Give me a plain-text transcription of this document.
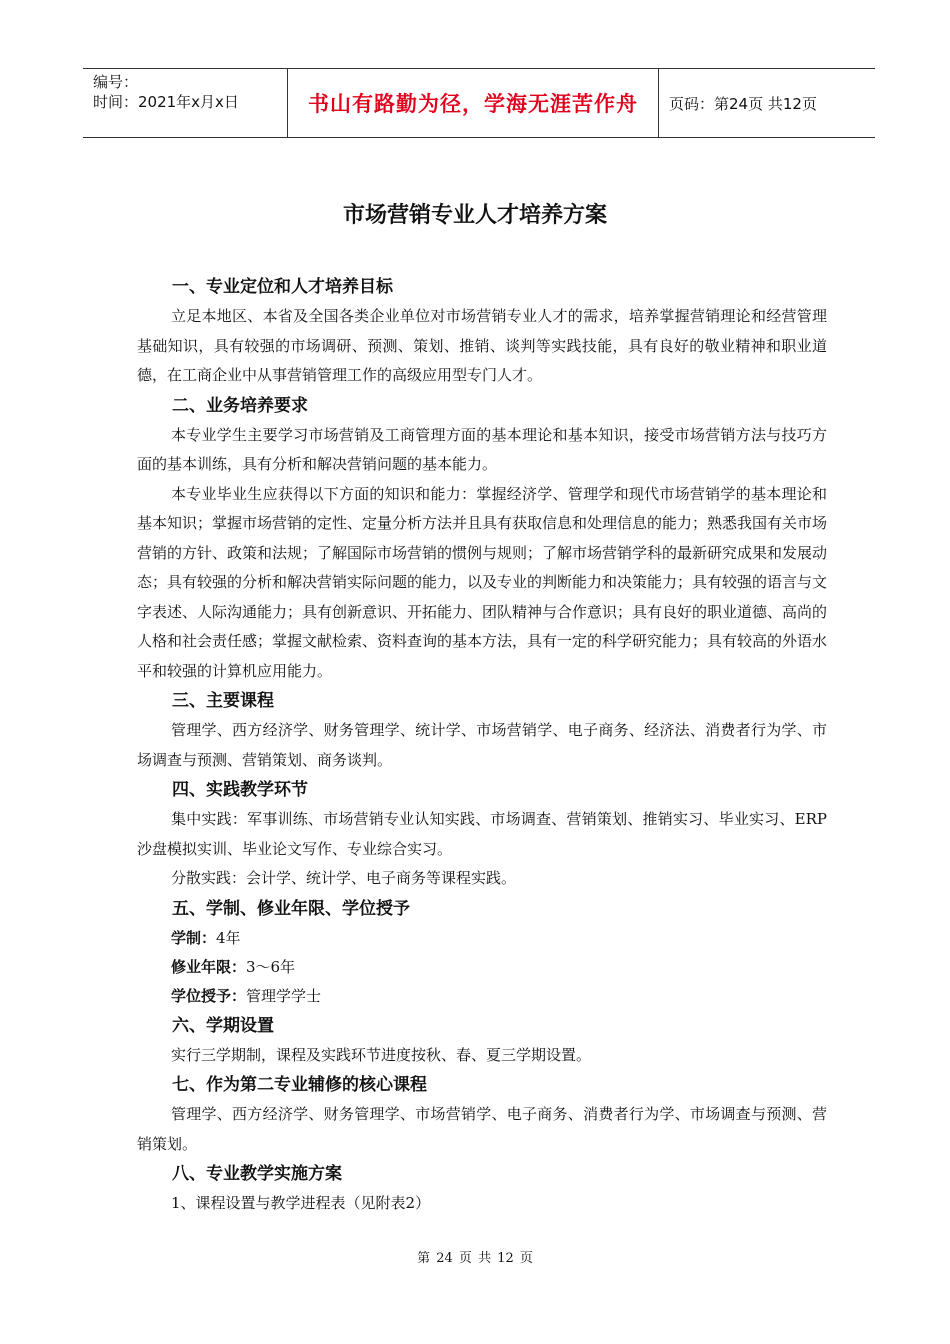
编号：
时间：2021年x月x日	书山有路勤为径，学海无涯苦作舟	页码：第24页 共12页
市场营销专业人才培养方案
一、专业定位和人才培养目标

立足本地区、本省及全国各类企业单位对市场营销专业人才的需求，培养掌握营销理论和经营管理基础知识，具有较强的市场调研、预测、策划、推销、谈判等实践技能，具有良好的敬业精神和职业道德，在工商企业中从事营销管理工作的高级应用型专门人才。

二、业务培养要求

本专业学生主要学习市场营销及工商管理方面的基本理论和基本知识，接受市场营销方法与技巧方面的基本训练，具有分析和解决营销问题的基本能力。

本专业毕业生应获得以下方面的知识和能力：掌握经济学、管理学和现代市场营销学的基本理论和基本知识；掌握市场营销的定性、定量分析方法并且具有获取信息和处理信息的能力；熟悉我国有关市场营销的方针、政策和法规；了解国际市场营销的惯例与规则；了解市场营销学科的最新研究成果和发展动态；具有较强的分析和解决营销实际问题的能力，以及专业的判断能力和决策能力；具有较强的语言与文字表述、人际沟通能力；具有创新意识、开拓能力、团队精神与合作意识；具有良好的职业道德、高尚的人格和社会责任感；掌握文献检索、资料查询的基本方法，具有一定的科学研究能力；具有较高的外语水平和较强的计算机应用能力。

三、主要课程

管理学、西方经济学、财务管理学、统计学、市场营销学、电子商务、经济法、消费者行为学、市场调查与预测、营销策划、商务谈判。

四、实践教学环节

集中实践：军事训练、市场营销专业认知实践、市场调查、营销策划、推销实习、毕业实习、ERP沙盘模拟实训、毕业论文写作、专业综合实习。

分散实践：会计学、统计学、电子商务等课程实践。

五、学制、修业年限、学位授予
学制：4年
修业年限：3～6年
学位授予：管理学学士
六、学期设置

实行三学期制，课程及实践环节进度按秋、春、夏三学期设置。

七、作为第二专业辅修的核心课程

管理学、西方经济学、财务管理学、市场营销学、电子商务、消费者行为学、市场调查与预测、营销策划。

八、专业教学实施方案

1、课程设置与教学进程表（见附表2）

第 24 页 共 12 页
